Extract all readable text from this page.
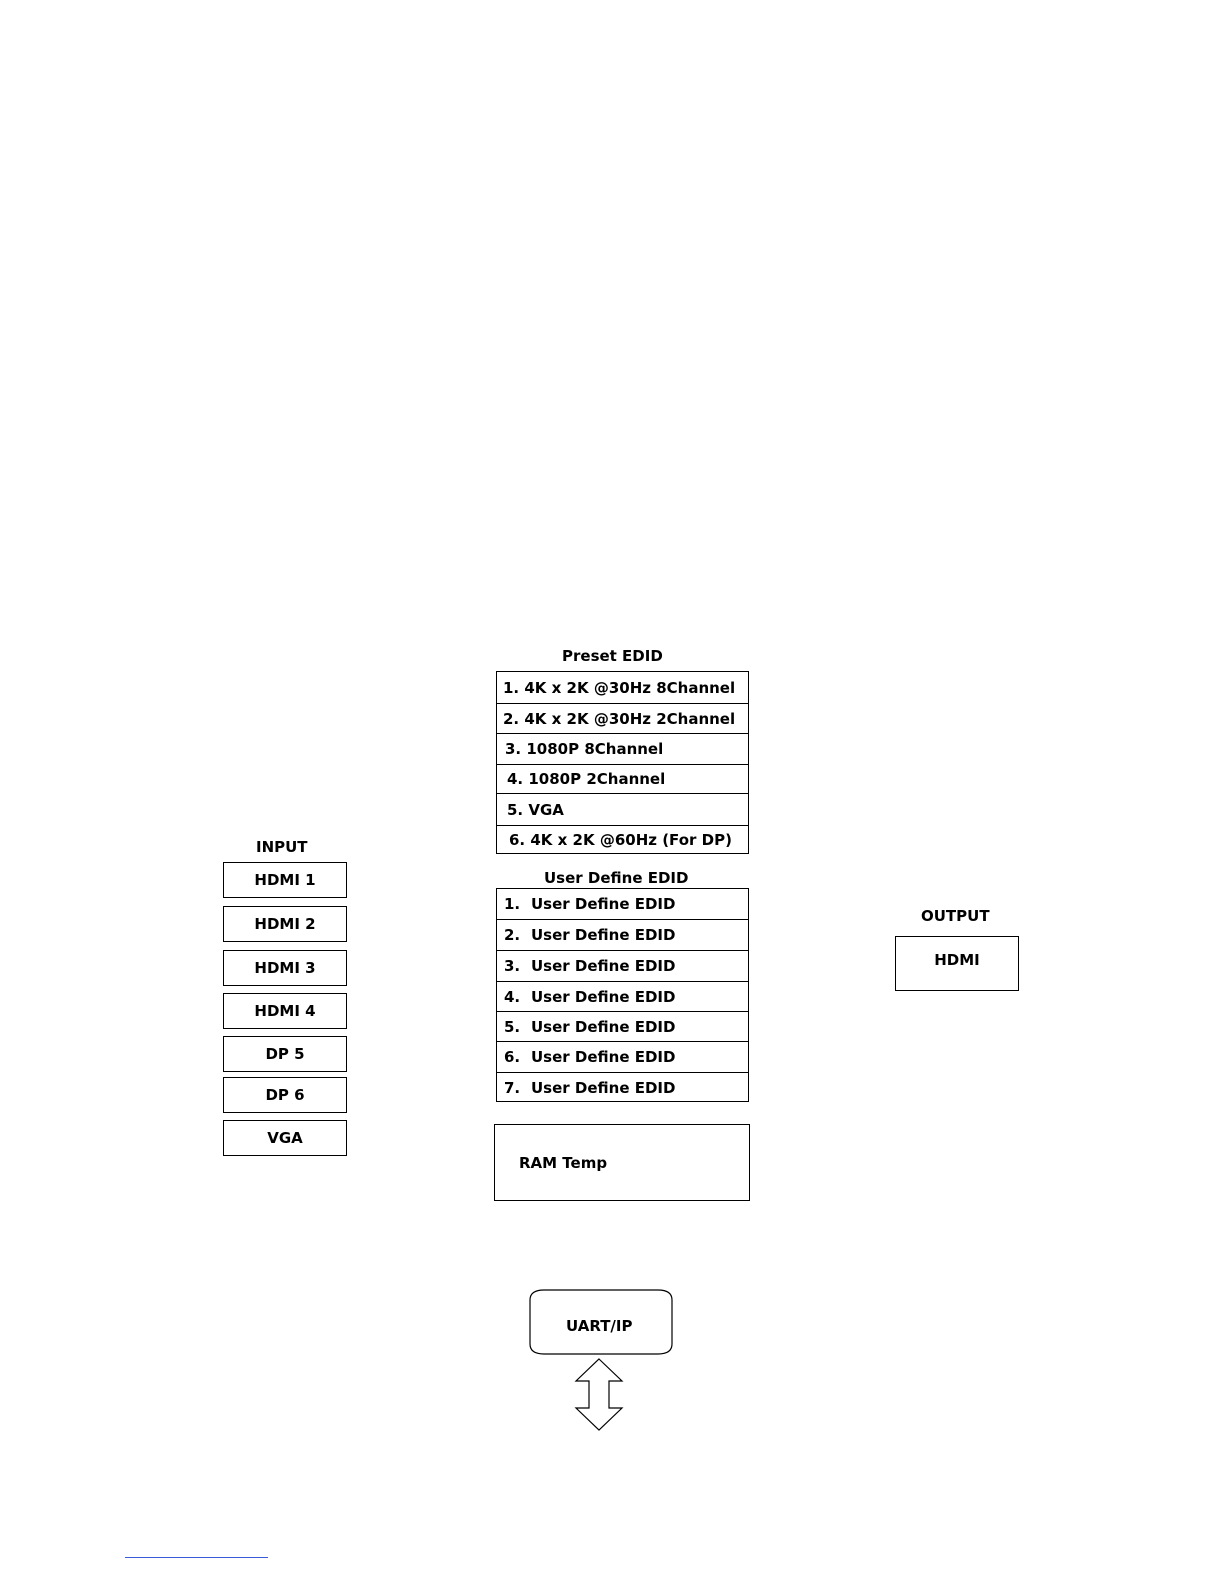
INPUT
HDMI 1
HDMI 2
HDMI 3
HDMI 4
DP 5
DP 6
VGA
Preset EDID
1. 4K x 2K @30Hz 8Channel
2. 4K x 2K @30Hz 2Channel
3. 1080P 8Channel
4. 1080P 2Channel
5. VGA
6. 4K x 2K @60Hz (For DP)
User Define EDID
1. User Define EDID
2. User Define EDID
3. User Define EDID
4. User Define EDID
5. User Define EDID
6. User Define EDID
7. User Define EDID
RAM Temp
OUTPUT
HDMI
UART/IP
